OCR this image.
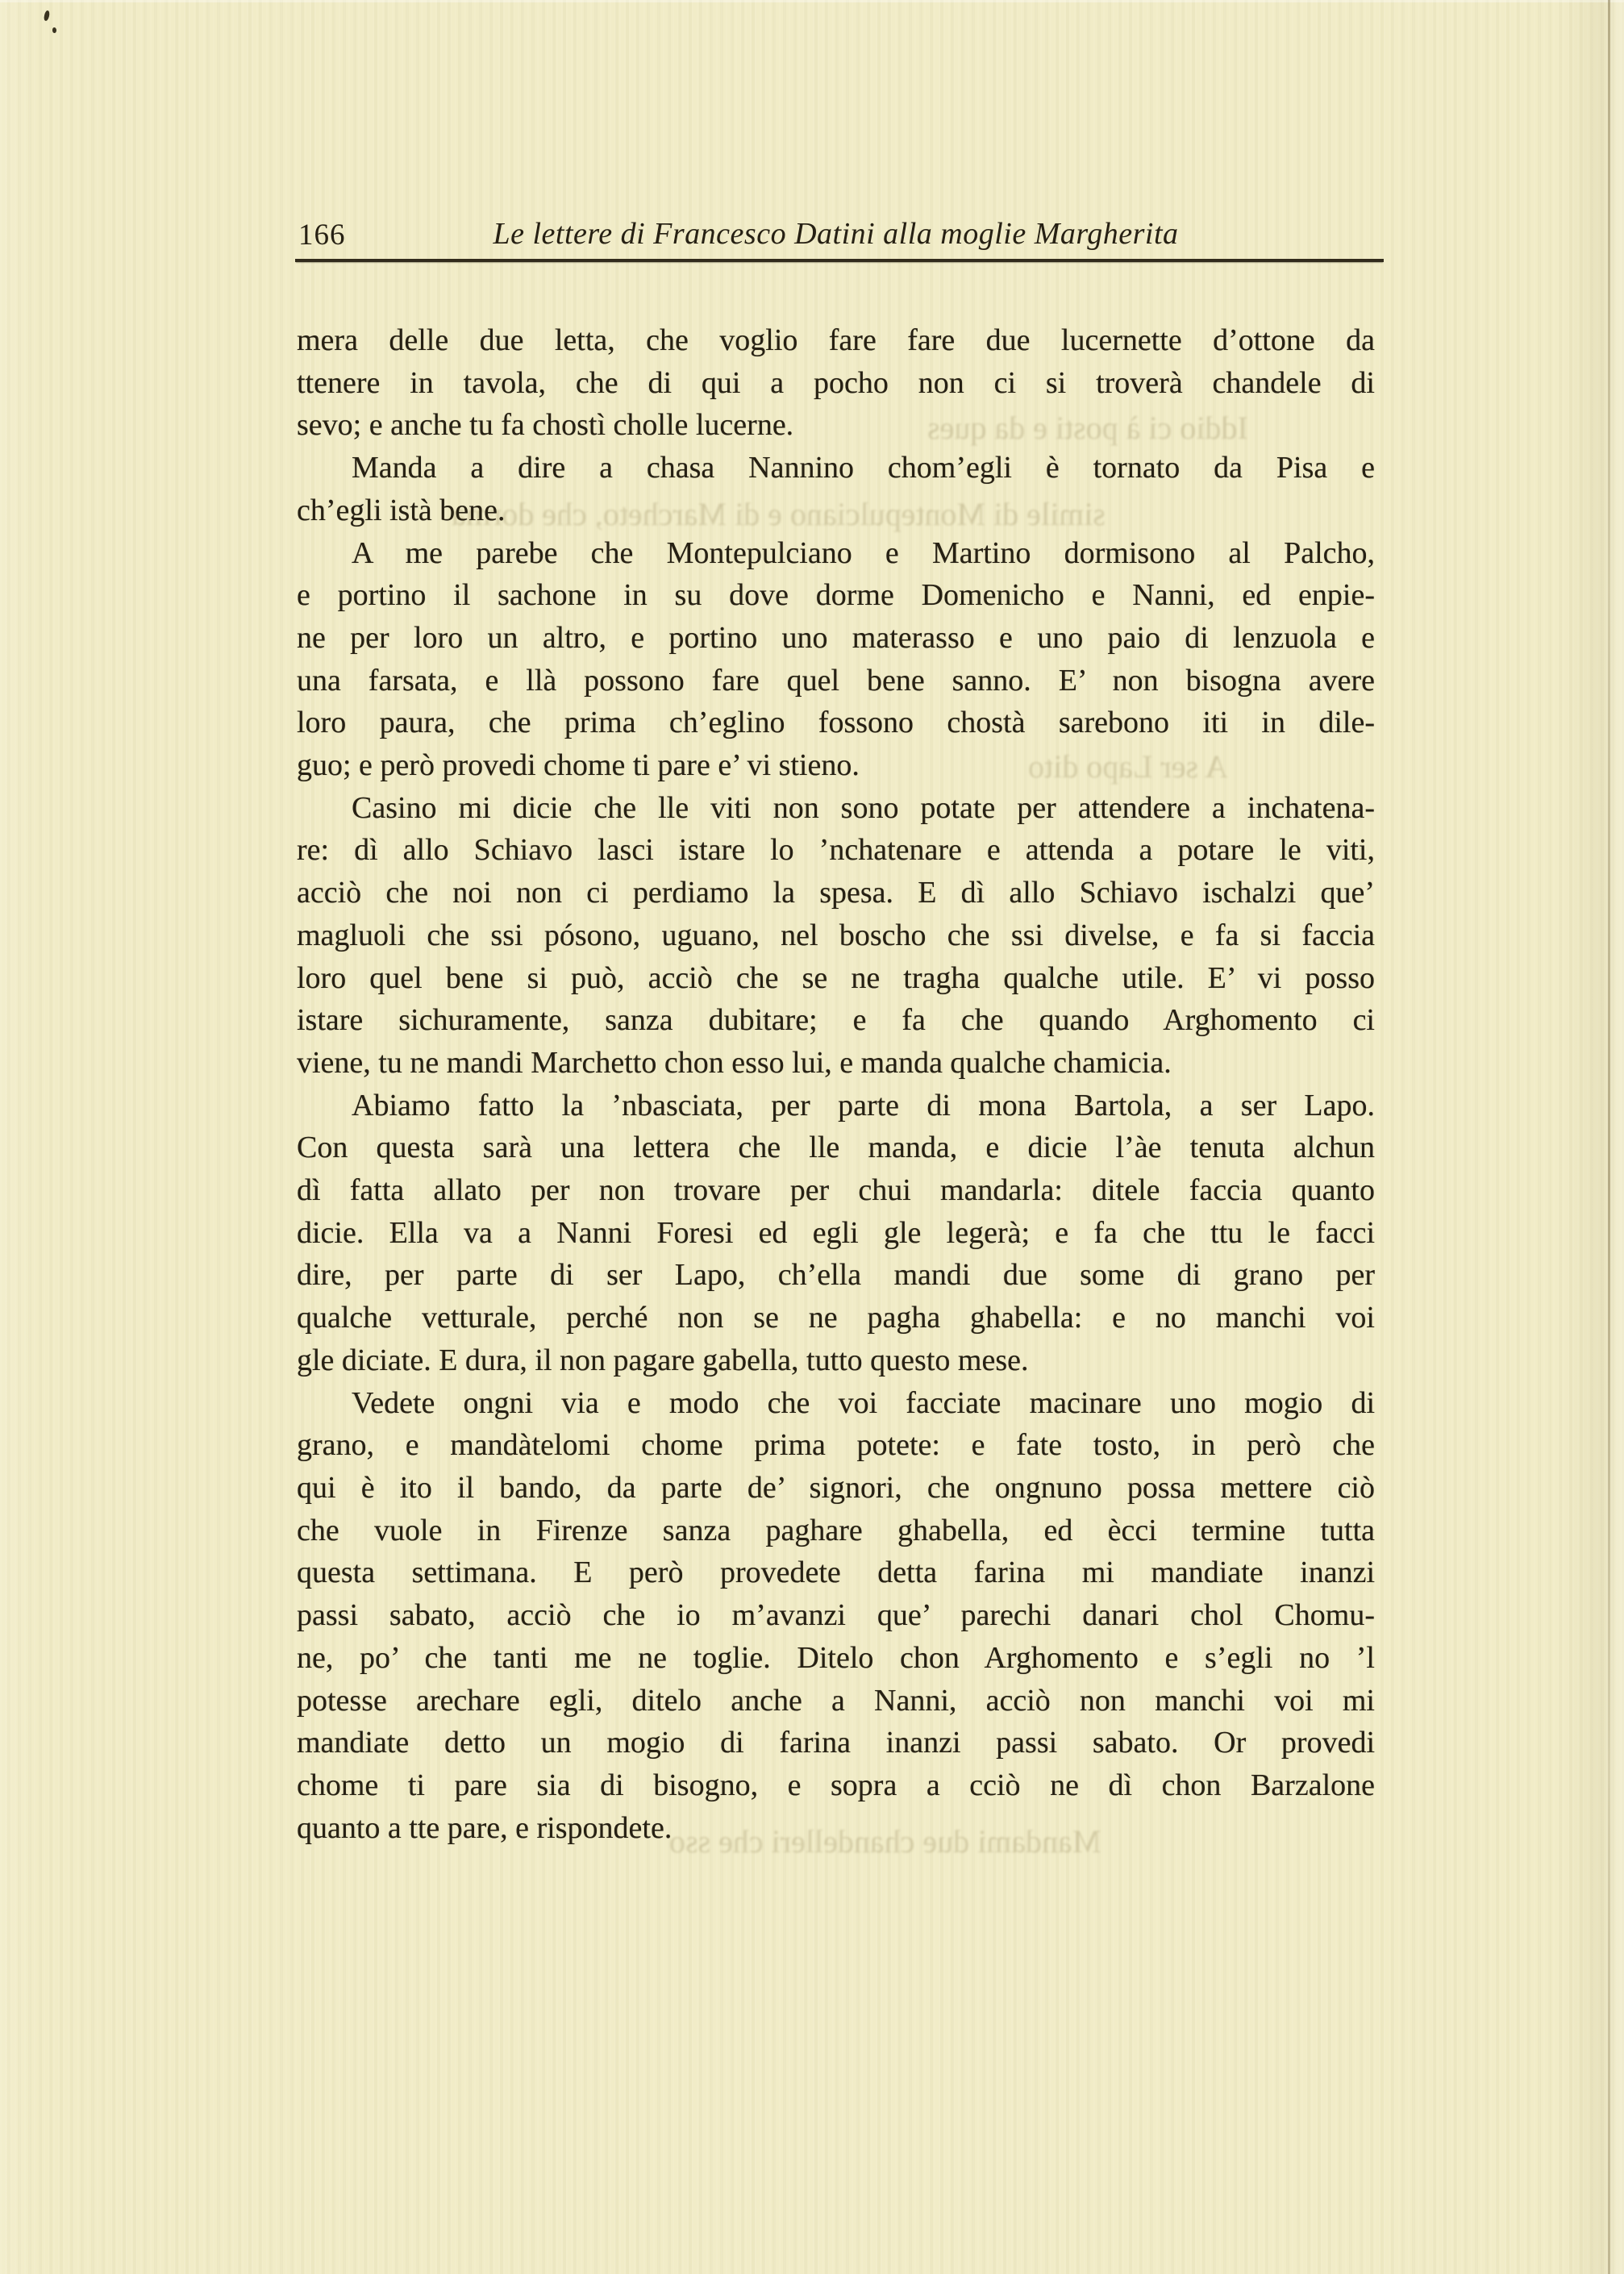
Iddio ci à posti e da ques
simile di Montepulciano e di Marcheto, che dorma
A ser Lapo dito
Mandami due chandelleri che sso
166	Le lettere di Francesco Datini alla moglie Margherita
mera delle due letta, che voglio fare fare due lucernette d’ottone da
ttenere in tavola, che di qui a pocho non ci si troverà chandele di
sevo; e anche tu fa chostì cholle lucerne.
Manda a dire a chasa Nannino chom’egli è tornato da Pisa e
ch’egli istà bene.
A me parebe che Montepulciano e Martino dormisono al Palcho,
e portino il sachone in su dove dorme Domenicho e Nanni, ed enpie-
ne per loro un altro, e portino uno materasso e uno paio di lenzuola e
una farsata, e llà possono fare quel bene sanno. E’ non bisogna avere
loro paura, che prima ch’eglino fossono chostà sarebono iti in dile-
guo; e però provedi chome ti pare e’ vi stieno.
Casino mi dicie che lle viti non sono potate per attendere a inchatena-
re: dì allo Schiavo lasci istare lo ’nchatenare e attenda a potare le viti,
acciò che noi non ci perdiamo la spesa. E dì allo Schiavo ischalzi que’
magluoli che ssi pósono, uguano, nel boscho che ssi divelse, e fa si faccia
loro quel bene si può, acciò che se ne tragha qualche utile. E’ vi posso
istare sichuramente, sanza dubitare; e fa che quando Arghomento ci
viene, tu ne mandi Marchetto chon esso lui, e manda qualche chamicia.
Abiamo fatto la ’nbasciata, per parte di mona Bartola, a ser Lapo.
Con questa sarà una lettera che lle manda, e dicie l’àe tenuta alchun
dì fatta allato per non trovare per chui mandarla: ditele faccia quanto
dicie. Ella va a Nanni Foresi ed egli gle legerà; e fa che ttu le facci
dire, per parte di ser Lapo, ch’ella mandi due some di grano per
qualche vetturale, perché non se ne pagha ghabella: e no manchi voi
gle diciate. E dura, il non pagare gabella, tutto questo mese.
Vedete ongni via e modo che voi facciate macinare uno mogio di
grano, e mandàtelomi chome prima potete: e fate tosto, in però che
qui è ito il bando, da parte de’ signori, che ongnuno possa mettere ciò
che vuole in Firenze sanza paghare ghabella, ed ècci termine tutta
questa settimana. E però provedete detta farina mi mandiate inanzi
passi sabato, acciò che io m’avanzi que’ parechi danari chol Chomu-
ne, po’ che tanti me ne toglie. Ditelo chon Arghomento e s’egli no ’l
potesse arechare egli, ditelo anche a Nanni, acciò non manchi voi mi
mandiate detto un mogio di farina inanzi passi sabato. Or provedi
chome ti pare sia di bisogno, e sopra a cciò ne dì chon Barzalone
quanto a tte pare, e rispondete.
